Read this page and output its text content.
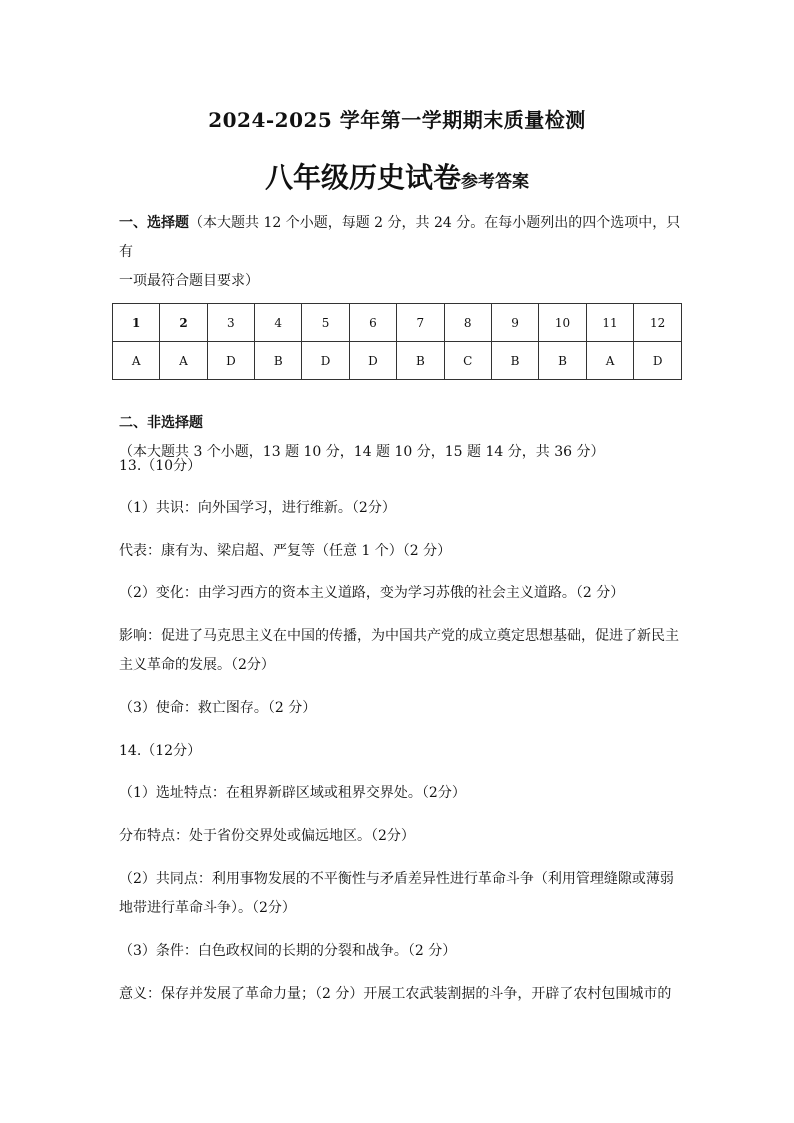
2024-2025 学年第一学期期末质量检测
八年级历史试卷参考答案
一、选择题（本大题共 12 个小题，每题 2 分，共 24 分。在每小题列出的四个选项中，只有
一项最符合题目要求）
1	2	3	4	5	6	7	8	9	10	11	12
A	A	D	B	D	D	B	C	B	B	A	D
二、非选择题（本大题共 3 个小题，13 题 10 分，14 题 10 分，15 题 14 分，共 36 分）
13.（10分）
（1）共识：向外国学习，进行维新。（2分）
代表：康有为、梁启超、严复等（任意 1 个）（2 分）
（2）变化：由学习西方的资本主义道路，变为学习苏俄的社会主义道路。（2 分）
影响：促进了马克思主义在中国的传播，为中国共产党的成立奠定思想基础，促进了新民主
主义革命的发展。（2分）
（3）使命：救亡图存。（2 分）
14.（12分）
（1）选址特点：在租界新辟区域或租界交界处。（2分）
分布特点：处于省份交界处或偏远地区。（2分）
（2）共同点：利用事物发展的不平衡性与矛盾差异性进行革命斗争（利用管理缝隙或薄弱
地带进行革命斗争）。（2分）
（3）条件：白色政权间的长期的分裂和战争。（2 分）
意义：保存并发展了革命力量；（2 分）开展工农武装割据的斗争，开辟了农村包围城市的
